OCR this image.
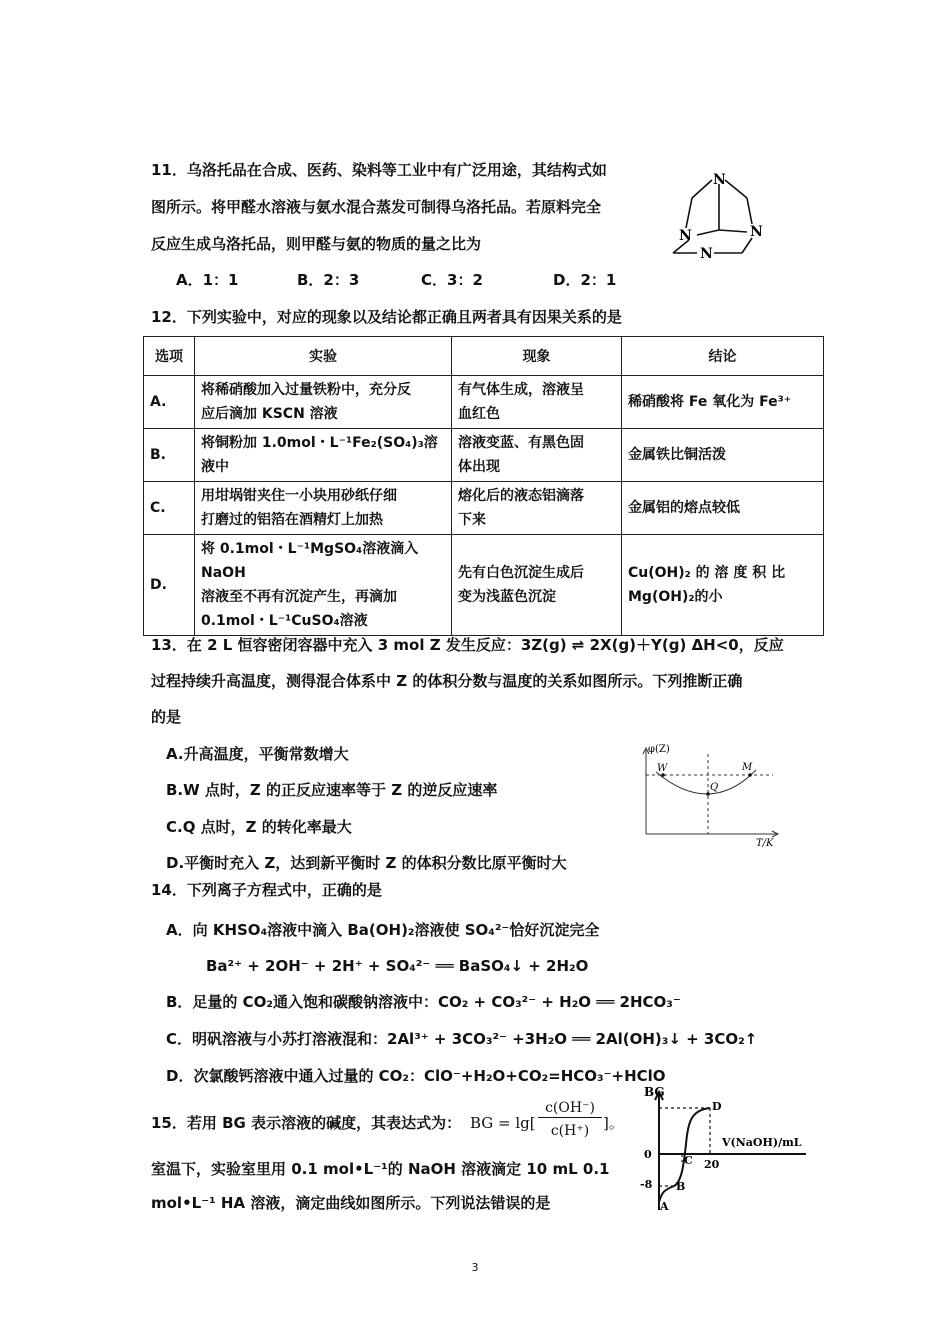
11．乌洛托品在合成、医药、染料等工业中有广泛用途，其结构式如
图所示。将甲醛水溶液与氨水混合蒸发可制得乌洛托品。若原料完全
反应生成乌洛托品，则甲醛与氨的物质的量之比为
A．1：1	B．2：3	C．3：2	D．2：1
N
N	N
N
12．下列实验中，对应的现象以及结论都正确且两者具有因果关系的是
选项	实验	现象	结论
A.	将稀硝酸加入过量铁粉中，充分反
应后滴加 KSCN 溶液	有气体生成，溶液呈
血红色	稀硝酸将 Fe 氧化为 Fe³⁺
B.	将铜粉加 1.0mol・L⁻¹Fe₂(SO₄)₃溶
液中	溶液变蓝、有黑色固
体出现	金属铁比铜活泼
C.	用坩埚钳夹住一小块用砂纸仔细
打磨过的铝箔在酒精灯上加热	熔化后的液态铝滴落
下来	金属铝的熔点较低
D.	将 0.1mol・L⁻¹MgSO₄溶液滴入 NaOH
溶液至不再有沉淀产生，再滴加
0.1mol・L⁻¹CuSO₄溶液	先有白色沉淀生成后
变为浅蓝色沉淀	Cu(OH)₂ 的 溶 度 积 比
Mg(OH)₂的小
13．在 2 L 恒容密闭容器中充入 3 mol Z 发生反应：3Z(g) ⇌ 2X(g)＋Y(g) ΔH<0，反应
过程持续升高温度，测得混合体系中 Z 的体积分数与温度的关系如图所示。下列推断正确
的是
A.升高温度，平衡常数增大
B.W 点时，Z 的正反应速率等于 Z 的逆反应速率
C.Q 点时，Z 的转化率最大
D.平衡时充入 Z，达到新平衡时 Z 的体积分数比原平衡时大
φ(Z)
T/K
W
Q
M
14．下列离子方程式中，正确的是
A．向 KHSO₄溶液中滴入 Ba(OH)₂溶液使 SO₄²⁻恰好沉淀完全
Ba²⁺ + 2OH⁻ + 2H⁺ + SO₄²⁻ ══ BaSO₄↓ + 2H₂O
B．足量的 CO₂通入饱和碳酸钠溶液中：CO₂ + CO₃²⁻ + H₂O ══ 2HCO₃⁻
C．明矾溶液与小苏打溶液混和：2Al³⁺ + 3CO₃²⁻ +3H₂O ══ 2Al(OH)₃↓ + 3CO₂↑
D．次氯酸钙溶液中通入过量的 CO₂：ClO⁻+H₂O+CO₂=HCO₃⁻+HClO
15．若用 BG 表示溶液的碱度，其表达式为： BG = lg[
c(OH⁻)
c(H⁺) ]。
室温下，实验室里用 0.1 mol•L⁻¹的 NaOH 溶液滴定 10 mL 0.1
mol•L⁻¹ HA 溶液，滴定曲线如图所示。下列说法错误的是
BG
V(NaOH)/mL
0
20
-8
A
B
C
D
3
